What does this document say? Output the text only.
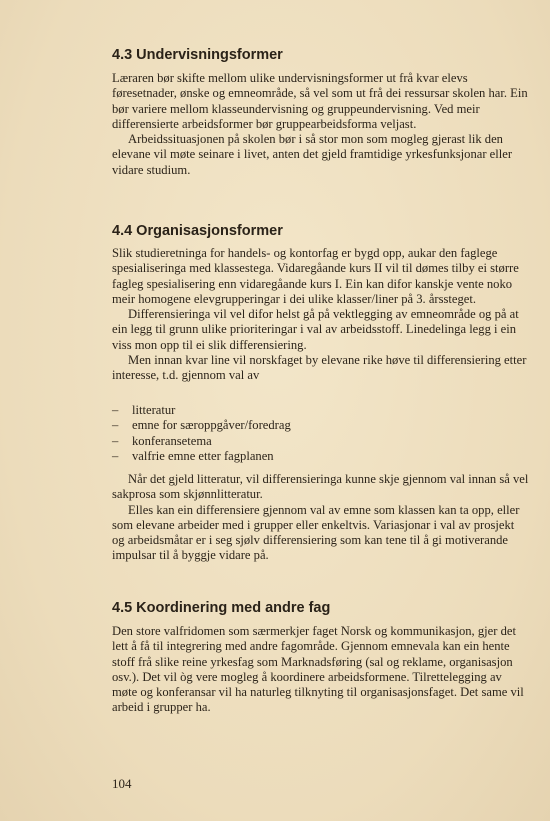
4.3 Undervisningsformer

Læraren bør skifte mellom ulike undervisningsformer ut frå kvar elevs føresetnader, ønske og emneområde, så vel som ut frå dei ressursar skolen har. Ein bør variere mellom klasseundervisning og gruppeundervisning. Ved meir differensierte arbeidsformer bør gruppearbeidsforma veljast.

Arbeidssituasjonen på skolen bør i så stor mon som mogleg gjerast lik den elevane vil møte seinare i livet, anten det gjeld framtidige yrkesfunksjonar eller vidare studium.

4.4 Organisasjonsformer

Slik studieretninga for handels- og kontorfag er bygd opp, aukar den faglege spesialiseringa med klassestega. Vidaregåande kurs II vil til dømes tilby ei større fagleg spesialisering enn vidaregåande kurs I. Ein kan difor kanskje vente noko meir homogene elevgrupperingar i dei ulike klasser/liner på 3. årssteget.

Differensieringa vil vel difor helst gå på vektlegging av emneområde og på at ein legg til grunn ulike prioriteringar i val av arbeidsstoff. Linedelinga legg i ein viss mon opp til ei slik differensiering.

Men innan kvar line vil norskfaget by elevane rike høve til differensiering etter interesse, t.d. gjennom val av

–	litteratur
–	emne for særoppgåver/foredrag
–	konferansetema
–	valfrie emne etter fagplanen

Når det gjeld litteratur, vil differensieringa kunne skje gjennom val innan så vel sakprosa som skjønnlitteratur.

Elles kan ein differensiere gjennom val av emne som klassen kan ta opp, eller som elevane arbeider med i grupper eller enkeltvis. Variasjonar i val av prosjekt og arbeidsmåtar er i seg sjølv differensiering som kan tene til å gi motiverande impulsar til å byggje vidare på.

4.5 Koordinering med andre fag

Den store valfridomen som særmerkjer faget Norsk og kommunikasjon, gjer det lett å få til integrering med andre fagområde. Gjennom emnevala kan ein hente stoff frå slike reine yrkesfag som Marknadsføring (sal og reklame, organisasjon osv.). Det vil òg vere mogleg å koordinere arbeidsformene. Tilrettelegging av møte og konferansar vil ha naturleg tilknyting til organisasjonsfaget. Det same vil arbeid i grupper ha.

104
